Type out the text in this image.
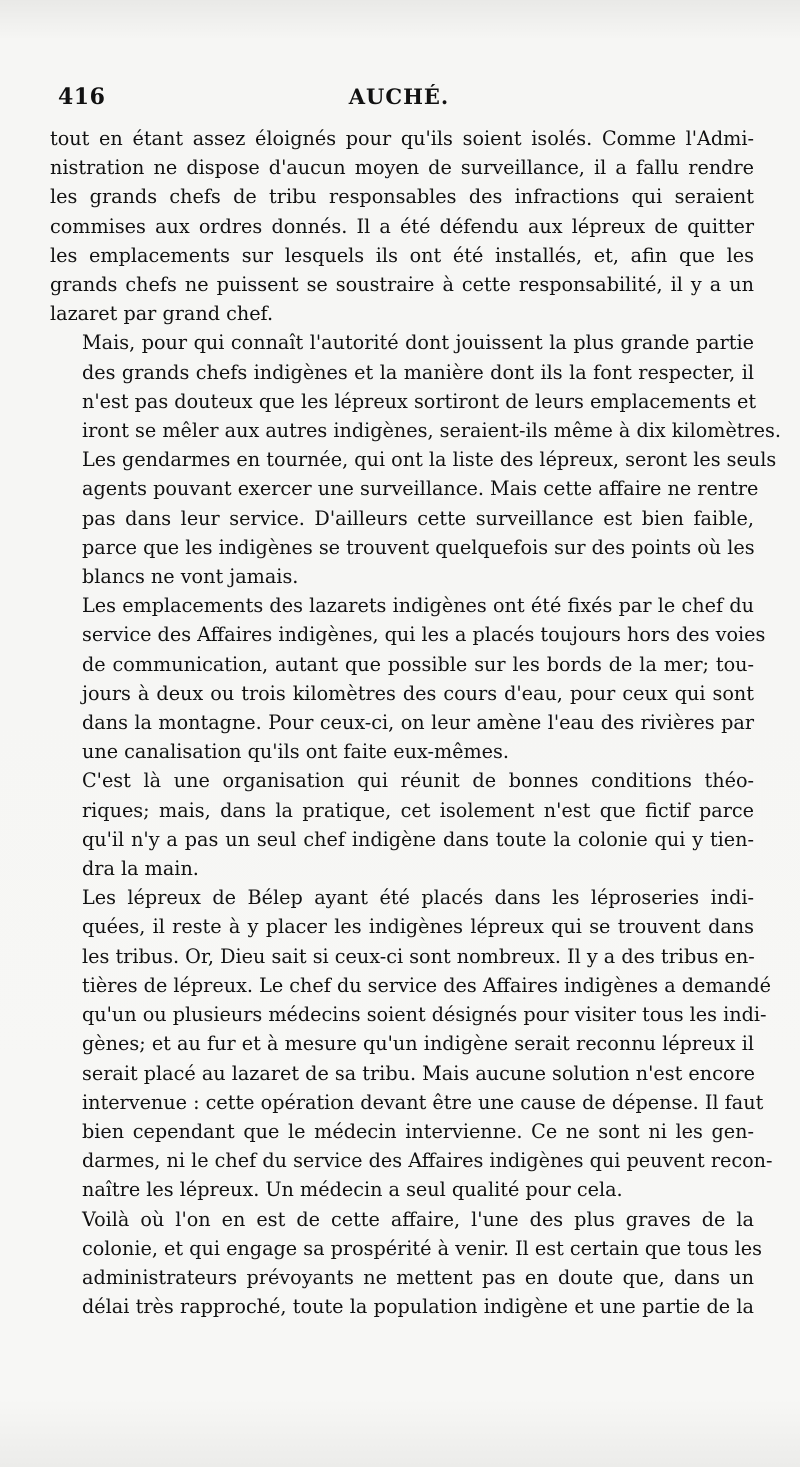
416	AUCHÉ.

tout en étant assez éloignés pour qu'ils soient isolés. Comme l'Admi-
nistration ne dispose d'aucun moyen de surveillance, il a fallu rendre
les grands chefs de tribu responsables des infractions qui seraient
commises aux ordres donnés. Il a été défendu aux lépreux de quitter
les emplacements sur lesquels ils ont été installés, et, afin que les
grands chefs ne puissent se soustraire à cette responsabilité, il y a un
lazaret par grand chef.

Mais, pour qui connaît l'autorité dont jouissent la plus grande partie
des grands chefs indigènes et la manière dont ils la font respecter, il
n'est pas douteux que les lépreux sortiront de leurs emplacements et
iront se mêler aux autres indigènes, seraient-ils même à dix kilomètres.
Les gendarmes en tournée, qui ont la liste des lépreux, seront les seuls
agents pouvant exercer une surveillance. Mais cette affaire ne rentre
pas dans leur service. D'ailleurs cette surveillance est bien faible,
parce que les indigènes se trouvent quelquefois sur des points où les
blancs ne vont jamais.

Les emplacements des lazarets indigènes ont été fixés par le chef du
service des Affaires indigènes, qui les a placés toujours hors des voies
de communication, autant que possible sur les bords de la mer; tou-
jours à deux ou trois kilomètres des cours d'eau, pour ceux qui sont
dans la montagne. Pour ceux-ci, on leur amène l'eau des rivières par
une canalisation qu'ils ont faite eux-mêmes.

C'est là une organisation qui réunit de bonnes conditions théo-
riques; mais, dans la pratique, cet isolement n'est que fictif parce
qu'il n'y a pas un seul chef indigène dans toute la colonie qui y tien-
dra la main.

Les lépreux de Bélep ayant été placés dans les léproseries indi-
quées, il reste à y placer les indigènes lépreux qui se trouvent dans
les tribus. Or, Dieu sait si ceux-ci sont nombreux. Il y a des tribus en-
tières de lépreux. Le chef du service des Affaires indigènes a demandé
qu'un ou plusieurs médecins soient désignés pour visiter tous les indi-
gènes; et au fur et à mesure qu'un indigène serait reconnu lépreux il
serait placé au lazaret de sa tribu. Mais aucune solution n'est encore
intervenue : cette opération devant être une cause de dépense. Il faut
bien cependant que le médecin intervienne. Ce ne sont ni les gen-
darmes, ni le chef du service des Affaires indigènes qui peuvent recon-
naître les lépreux. Un médecin a seul qualité pour cela.

Voilà où l'on en est de cette affaire, l'une des plus graves de la
colonie, et qui engage sa prospérité à venir. Il est certain que tous les
administrateurs prévoyants ne mettent pas en doute que, dans un
délai très rapproché, toute la population indigène et une partie de la
